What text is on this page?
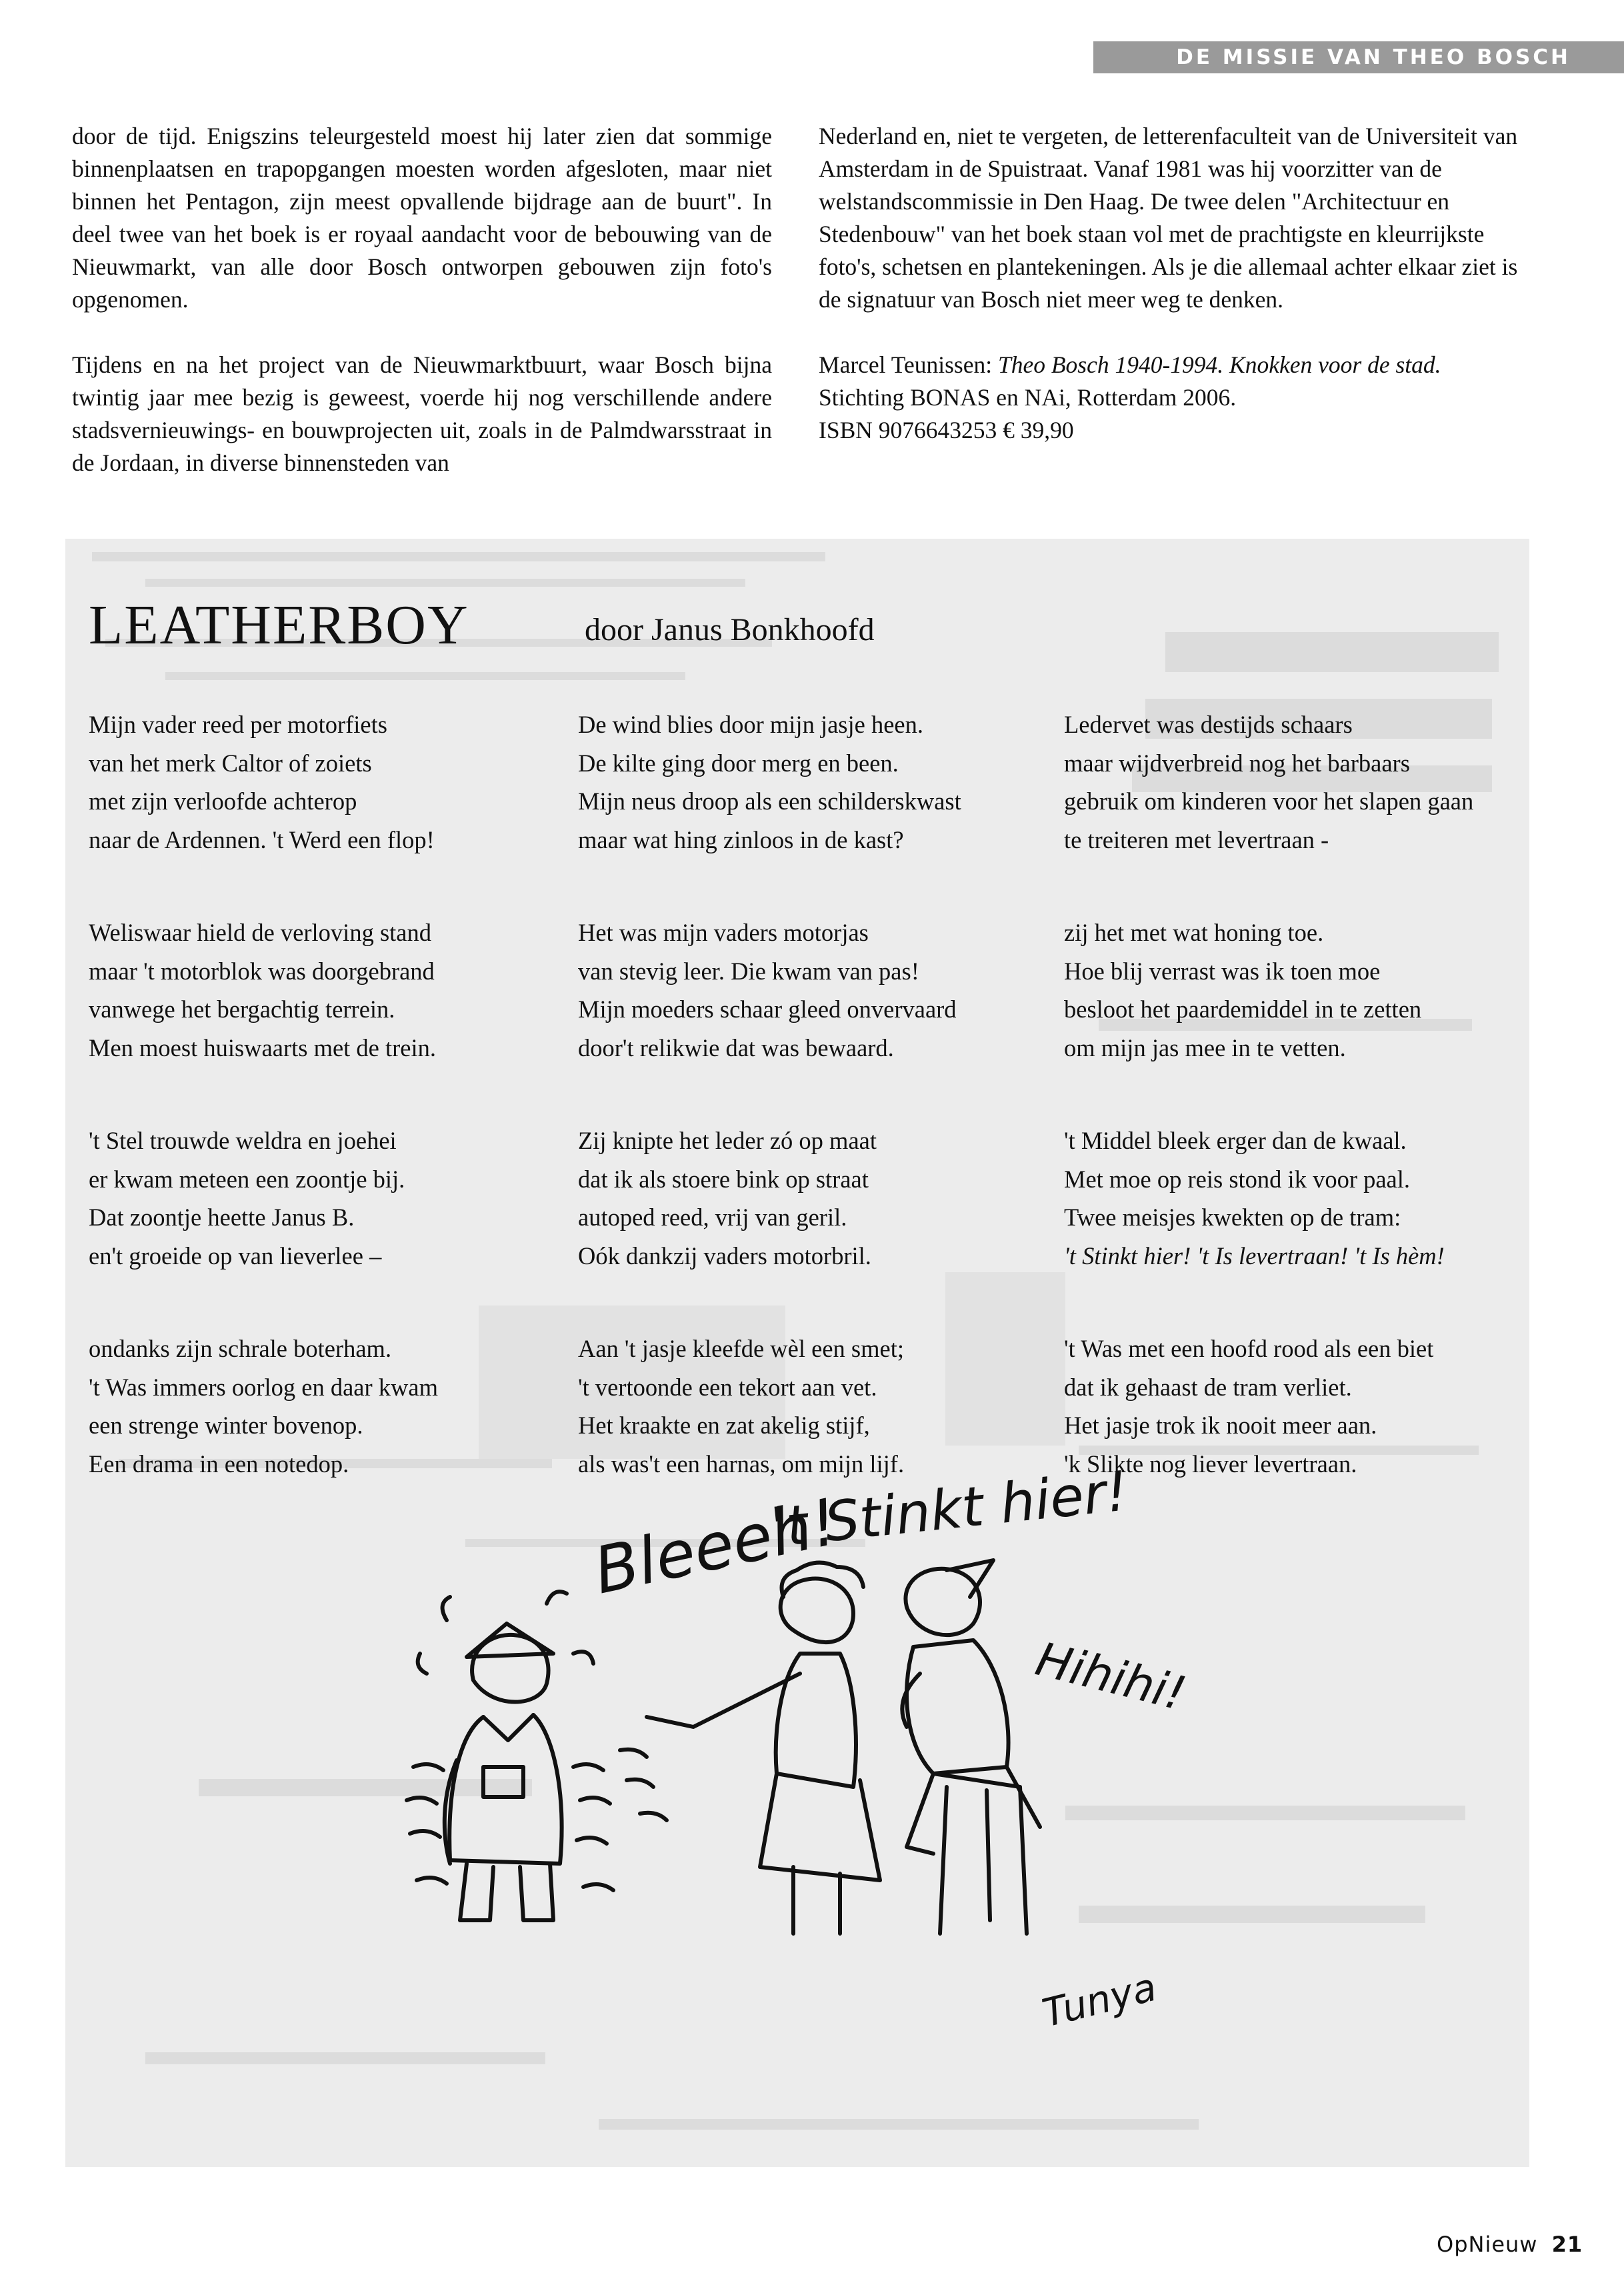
DE MISSIE VAN THEO BOSCH

door de tijd. Enigszins teleurgesteld moest hij later zien dat sommige binnenplaatsen en trapopgangen moesten worden afgesloten, maar niet binnen het Pentagon, zijn meest opvallende bijdrage aan de buurt". In deel twee van het boek is er royaal aandacht voor de bebouwing van de Nieuwmarkt, van alle door Bosch ontworpen gebouwen zijn foto's opgenomen.

Tijdens en na het project van de Nieuwmarktbuurt, waar Bosch bijna twintig jaar mee bezig is geweest, voerde hij nog verschillende andere stadsvernieuwings- en bouwprojecten uit, zoals in de Palmdwarsstraat in de Jordaan, in diverse binnensteden van

Nederland en, niet te vergeten, de letterenfaculteit van de Universiteit van Amsterdam in de Spuistraat. Vanaf 1981 was hij voorzitter van de welstandscommissie in Den Haag. De twee delen "Architectuur en Stedenbouw" van het boek staan vol met de prachtigste en kleurrijkste foto's, schetsen en plantekeningen. Als je die allemaal achter elkaar ziet is de signatuur van Bosch niet meer weg te denken.

Marcel Teunissen: Theo Bosch 1940-1994. Knokken voor de stad.
Stichting BONAS en NAi, Rotterdam 2006.
ISBN 9076643253 € 39,90

LEATHERBOY	door Janus Bonkhoofd
Mijn vader reed per motorfiets
van het merk Caltor of zoiets
met zijn verloofde achterop
naar de Ardennen. 't Werd een flop!
Weliswaar hield de verloving stand
maar 't motorblok was doorgebrand
vanwege het bergachtig terrein.
Men moest huiswaarts met de trein.
't Stel trouwde weldra en joehei
er kwam meteen een zoontje bij.
Dat zoontje heette Janus B.
en't groeide op van lieverlee –
ondanks zijn schrale boterham.
't Was immers oorlog en daar kwam
een strenge winter bovenop.
Een drama in een notedop.
De wind blies door mijn jasje heen.
De kilte ging door merg en been.
Mijn neus droop als een schilderskwast
maar wat hing zinloos in de kast?
Het was mijn vaders motorjas
van stevig leer. Die kwam van pas!
Mijn moeders schaar gleed onvervaard
door't relikwie dat was bewaard.
Zij knipte het leder zó op maat
dat ik als stoere bink op straat
autoped reed, vrij van geril.
Oók dankzij vaders motorbril.
Aan 't jasje kleefde wèl een smet;
't vertoonde een tekort aan vet.
Het kraakte en zat akelig stijf,
als was't een harnas, om mijn lijf.
Ledervet was destijds schaars
maar wijdverbreid nog het barbaars
gebruik om kinderen voor het slapen gaan
te treiteren met levertraan -
zij het met wat honing toe.
Hoe blij verrast was ik toen moe
besloot het paardemiddel in te zetten
om mijn jas mee in te vetten.
't Middel bleek erger dan de kwaal.
Met moe op reis stond ik voor paal.
Twee meisjes kwekten op de tram:
't Stinkt hier! 't Is levertraan! 't Is hèm!
't Was met een hoofd rood als een biet
dat ik gehaast de tram verliet.
Het jasje trok ik nooit meer aan.
'k Slikte nog liever levertraan.
Bleeeh!
't Stinkt hier!
Hihihi!
Tunya
OpNieuw 21
